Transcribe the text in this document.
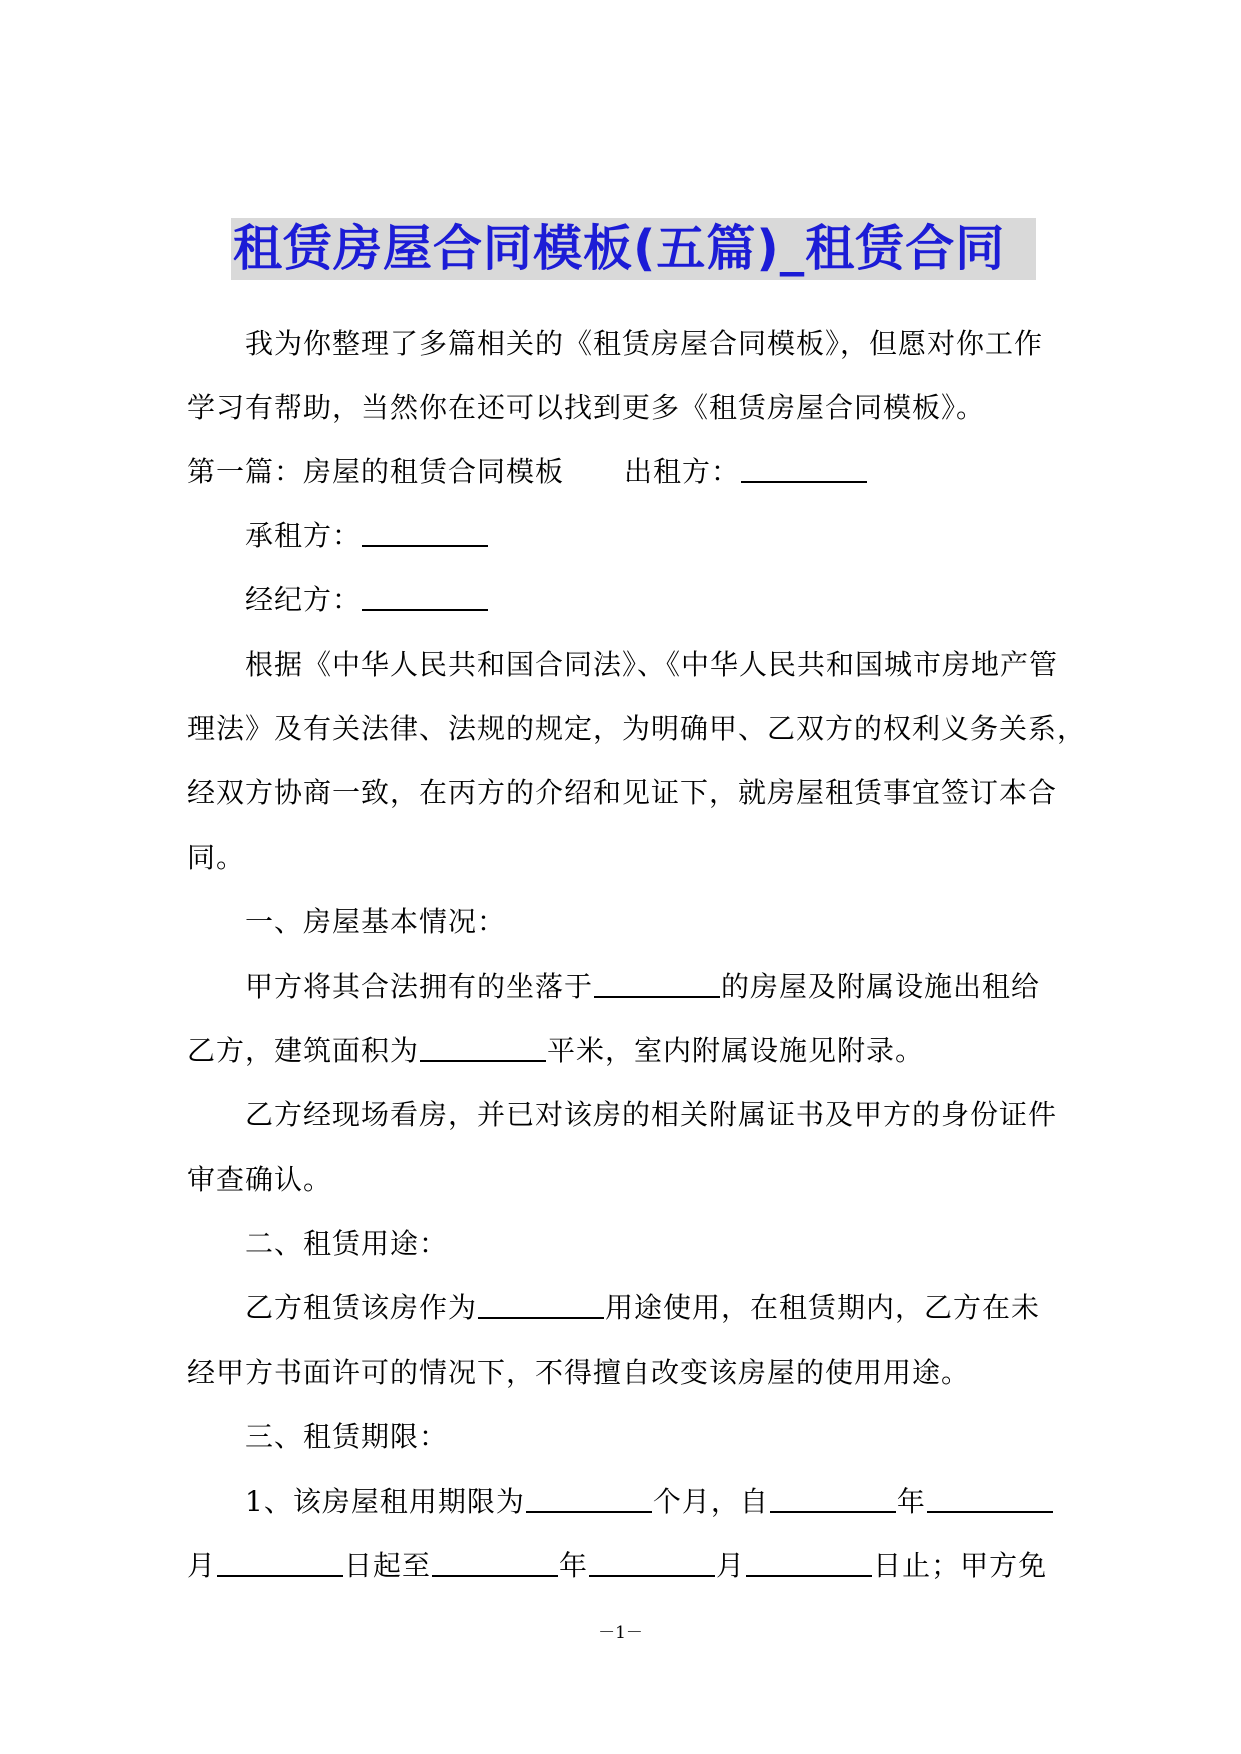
租赁房屋合同模板(五篇)_租赁合同
我为你整理了多篇相关的《租赁房屋合同模板》，但愿对你工作
学习有帮助，当然你在还可以找到更多《租赁房屋合同模板》。
第一篇：房屋的租赁合同模板 出租方：
承租方：
经纪方：
根据《中华人民共和国合同法》、《中华人民共和国城市房地产管
理法》及有关法律、法规的规定，为明确甲、乙双方的权利义务关系，
经双方协商一致，在丙方的介绍和见证下，就房屋租赁事宜签订本合
同。
一、房屋基本情况：
甲方将其合法拥有的坐落于	的房屋及附属设施出租给
乙方，建筑面积为	平米，室内附属设施见附录。
乙方经现场看房，并已对该房的相关附属证书及甲方的身份证件
审查确认。
二、租赁用途：
乙方租赁该房作为	用途使用，在租赁期内，乙方在未
经甲方书面许可的情况下，不得擅自改变该房屋的使用用途。
三、租赁期限：
1、该房屋租用期限为	个月，自	年
月	日起至	年	月	日止；甲方免
－1－
